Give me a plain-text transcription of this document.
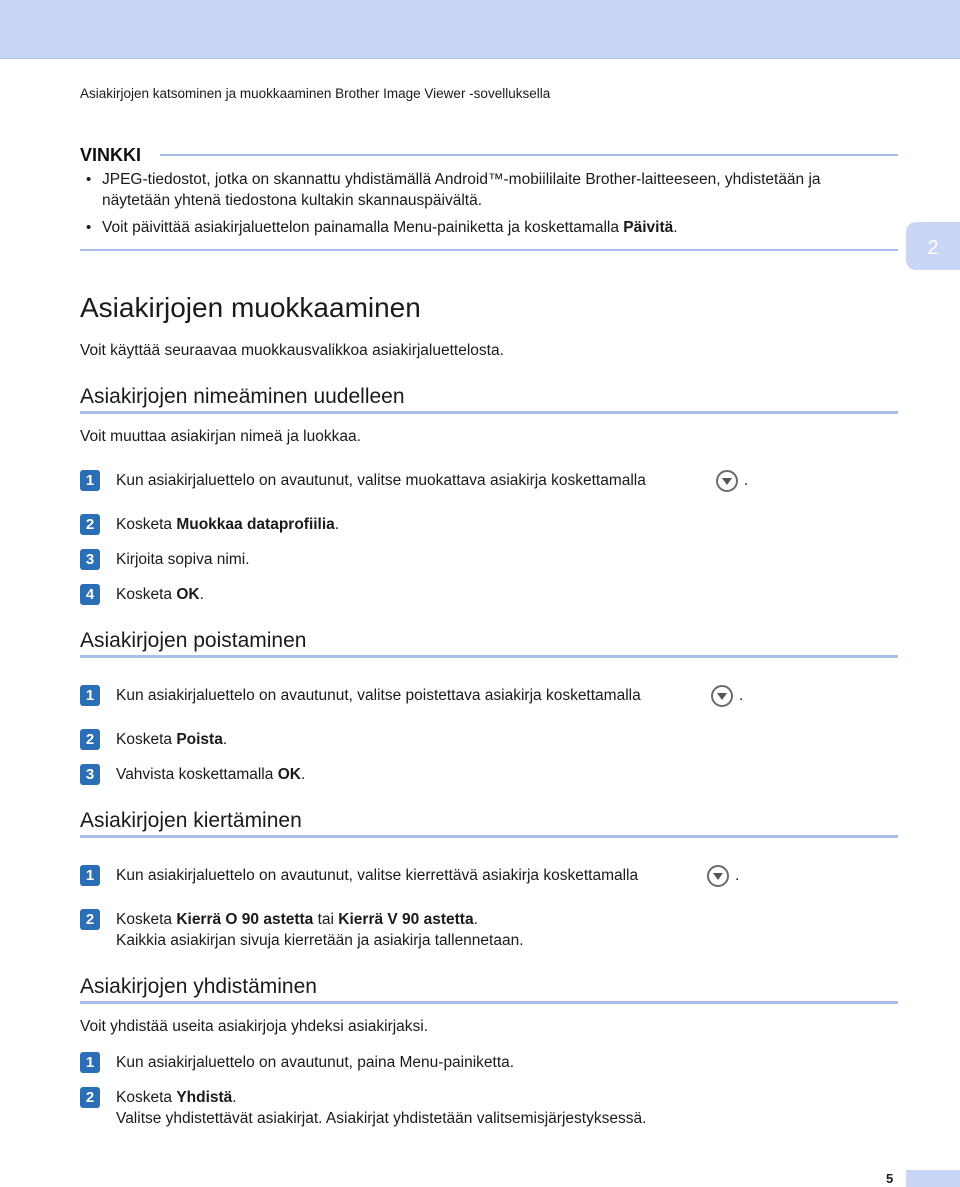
Asiakirjojen katsominen ja muokkaaminen Brother Image Viewer -sovelluksella
VINKKI
• JPEG-tiedostot, jotka on skannattu yhdistämällä Android™-mobiililaite Brother-laitteeseen, yhdistetään ja
näytetään yhtenä tiedostona kultakin skannauspäivältä.
• Voit päivittää asiakirjaluettelon painamalla Menu-painiketta ja koskettamalla Päivitä.
2
Asiakirjojen muokkaaminen
Voit käyttää seuraavaa muokkausvalikkoa asiakirjaluettelosta.
Asiakirjojen nimeäminen uudelleen
Voit muuttaa asiakirjan nimeä ja luokkaa.
1	Kun asiakirjaluettelo on avautunut, valitse muokattava asiakirja koskettamalla	.
2	Kosketa Muokkaa dataprofiilia.
3	Kirjoita sopiva nimi.
4	Kosketa OK.
Asiakirjojen poistaminen
1	Kun asiakirjaluettelo on avautunut, valitse poistettava asiakirja koskettamalla	.
2	Kosketa Poista.
3	Vahvista koskettamalla OK.
Asiakirjojen kiertäminen
1	Kun asiakirjaluettelo on avautunut, valitse kierrettävä asiakirja koskettamalla	.
2	Kosketa Kierrä O 90 astetta tai Kierrä V 90 astetta.
Kaikkia asiakirjan sivuja kierretään ja asiakirja tallennetaan.
Asiakirjojen yhdistäminen
Voit yhdistää useita asiakirjoja yhdeksi asiakirjaksi.
1	Kun asiakirjaluettelo on avautunut, paina Menu-painiketta.
2	Kosketa Yhdistä.
Valitse yhdistettävät asiakirjat. Asiakirjat yhdistetään valitsemisjärjestyksessä.
5
